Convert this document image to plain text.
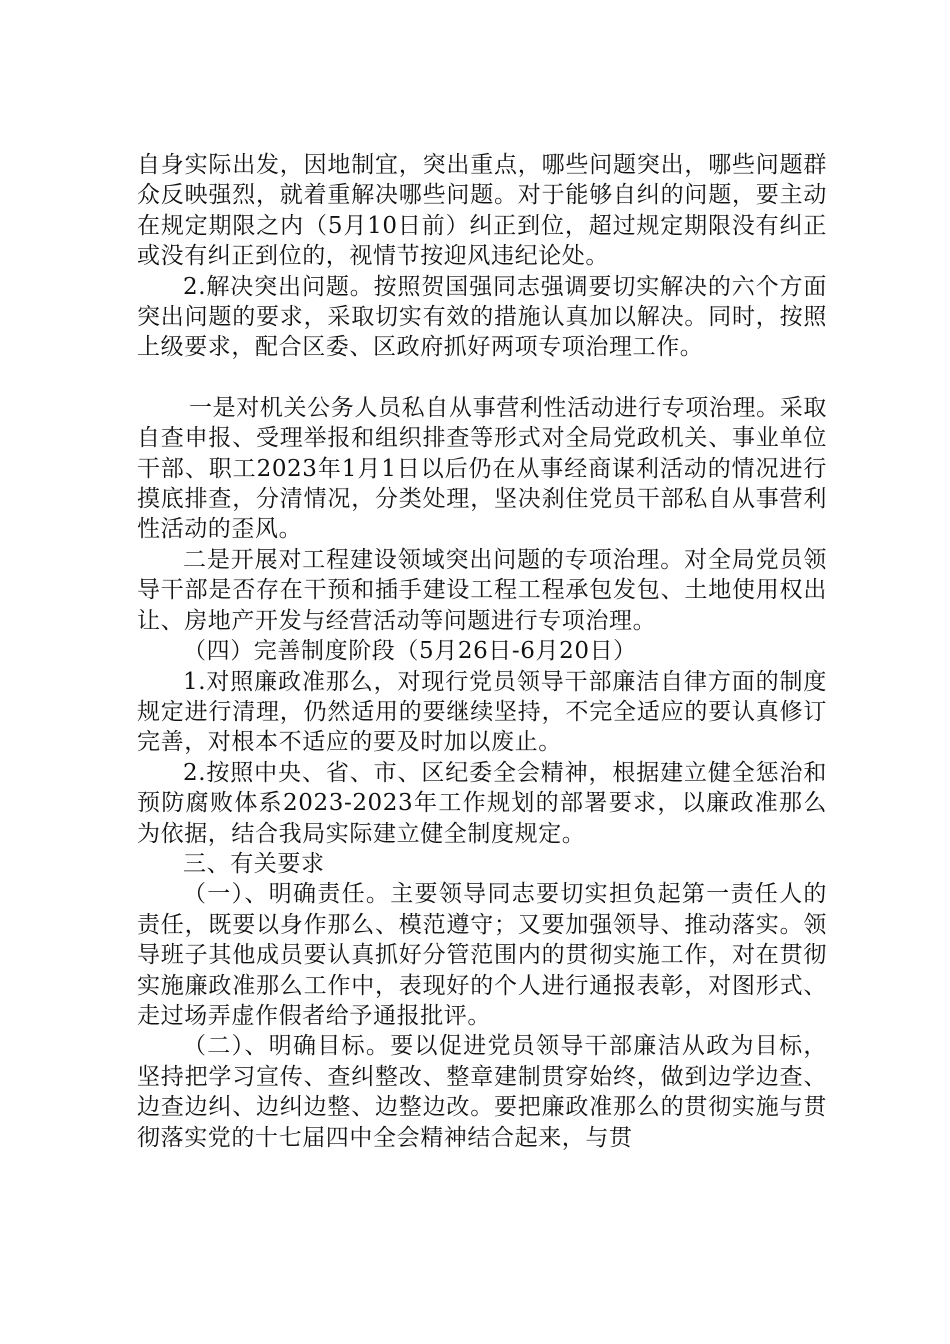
自身实际出发，因地制宜，突出重点，哪些问题突出，哪些问题群众反映强烈，就着重解决哪些问题。对于能够自纠的问题，要主动在规定期限之内（5月10日前）纠正到位，超过规定期限没有纠正或没有纠正到位的，视情节按迎风违纪论处。

2.解决突出问题。按照贺国强同志强调要切实解决的六个方面突出问题的要求，采取切实有效的措施认真加以解决。同时，按照上级要求，配合区委、区政府抓好两项专项治理工作。

一是对机关公务人员私自从事营利性活动进行专项治理。采取自查申报、受理举报和组织排查等形式对全局党政机关、事业单位干部、职工2023年1月1日以后仍在从事经商谋利活动的情况进行摸底排查，分清情况，分类处理，坚决刹住党员干部私自从事营利性活动的歪风。

二是开展对工程建设领域突出问题的专项治理。对全局党员领导干部是否存在干预和插手建设工程工程承包发包、土地使用权出让、房地产开发与经营活动等问题进行专项治理。

（四）完善制度阶段（5月26日-6月20日）

1.对照廉政准那么，对现行党员领导干部廉洁自律方面的制度规定进行清理，仍然适用的要继续坚持，不完全适应的要认真修订完善，对根本不适应的要及时加以废止。

2.按照中央、省、市、区纪委全会精神，根据建立健全惩治和预防腐败体系2023-2023年工作规划的部署要求，以廉政准那么为依据，结合我局实际建立健全制度规定。

三、有关要求

（一）、明确责任。主要领导同志要切实担负起第一责任人的责任，既要以身作那么、模范遵守；又要加强领导、推动落实。领导班子其他成员要认真抓好分管范围内的贯彻实施工作，对在贯彻实施廉政准那么工作中，表现好的个人进行通报表彰，对图形式、走过场弄虚作假者给予通报批评。

（二）、明确目标。要以促进党员领导干部廉洁从政为目标，坚持把学习宣传、查纠整改、整章建制贯穿始终，做到边学边查、边查边纠、边纠边整、边整边改。要把廉政准那么的贯彻实施与贯彻落实党的十七届四中全会精神结合起来，与贯
